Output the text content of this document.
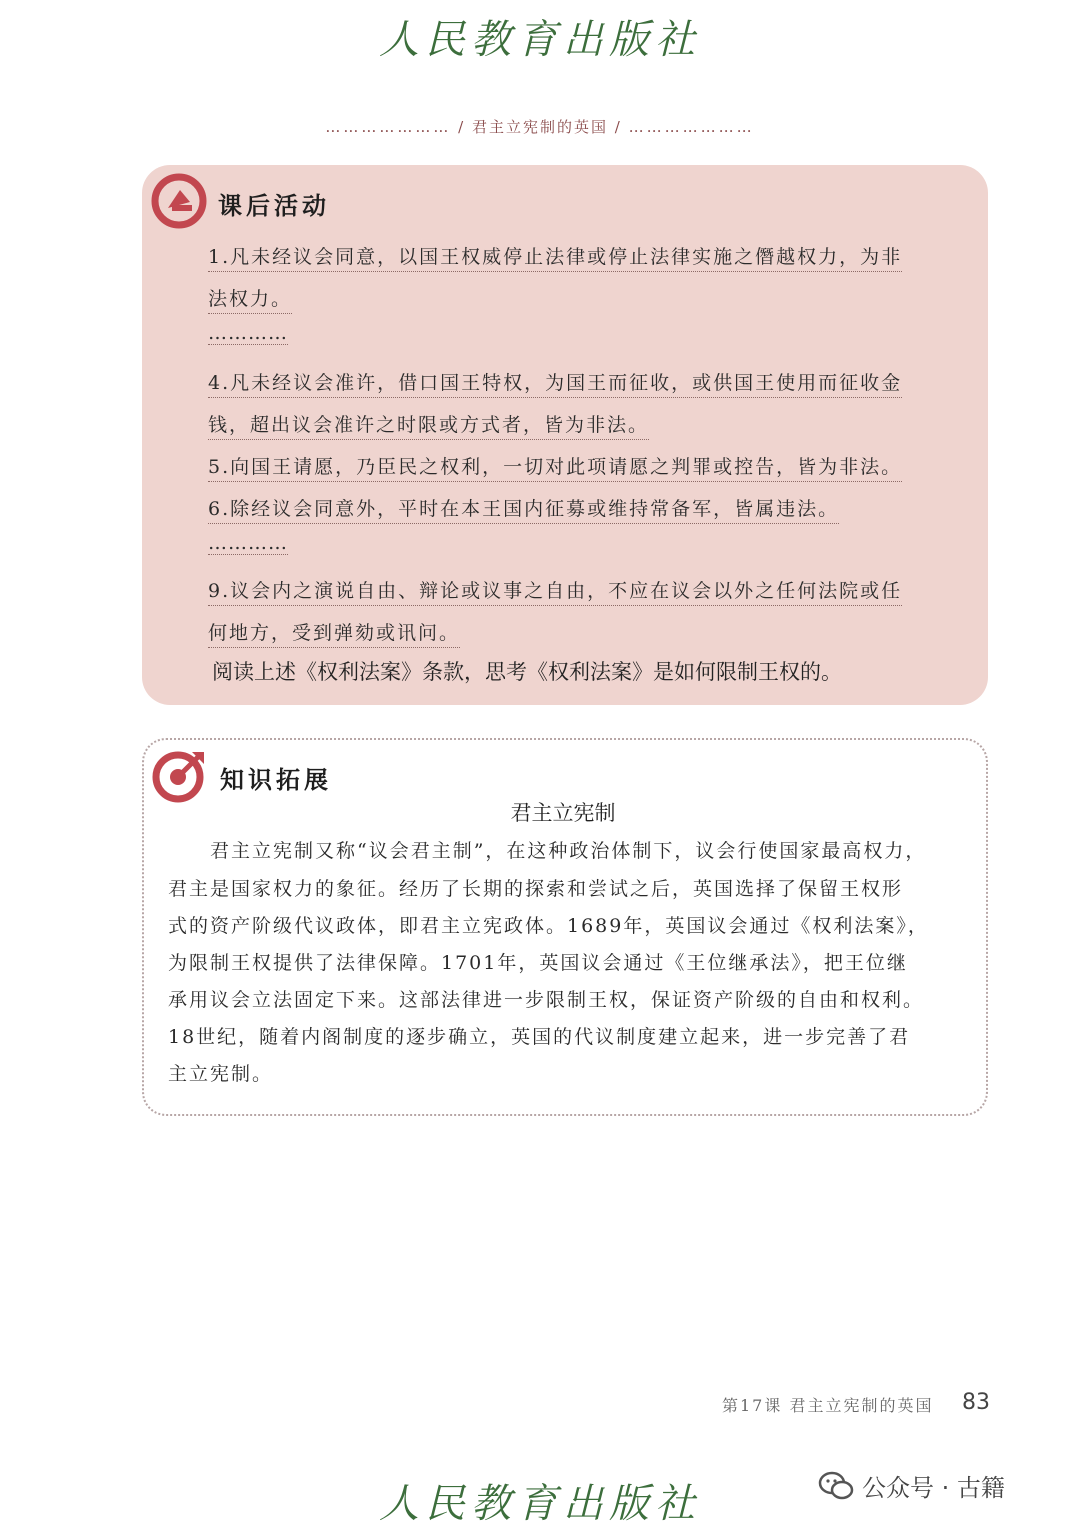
人民教育出版社
………………… / 君主立宪制的英国 / …………………
课后活动
1.凡未经议会同意，以国王权威停止法律或停止法律实施之僭越权力，为非
法权力。
…………
4.凡未经议会准许，借口国王特权，为国王而征收，或供国王使用而征收金
钱，超出议会准许之时限或方式者，皆为非法。
5.向国王请愿，乃臣民之权利，一切对此项请愿之判罪或控告，皆为非法。
6.除经议会同意外，平时在本王国内征募或维持常备军，皆属违法。
…………
9.议会内之演说自由、辩论或议事之自由，不应在议会以外之任何法院或任
何地方，受到弹劾或讯问。
阅读上述《权利法案》条款，思考《权利法案》是如何限制王权的。
知识拓展
君主立宪制
君主立宪制又称“议会君主制”，在这种政治体制下，议会行使国家最高权力，
君主是国家权力的象征。经历了长期的探索和尝试之后，英国选择了保留王权形
式的资产阶级代议政体，即君主立宪政体。1689年，英国议会通过《权利法案》，
为限制王权提供了法律保障。1701年，英国议会通过《王位继承法》，把王位继
承用议会立法固定下来。这部法律进一步限制王权，保证资产阶级的自由和权利。
18世纪，随着内阁制度的逐步确立，英国的代议制度建立起来，进一步完善了君
主立宪制。
第17课 君主立宪制的英国 83
人民教育出版社	公众号 · 古籍
